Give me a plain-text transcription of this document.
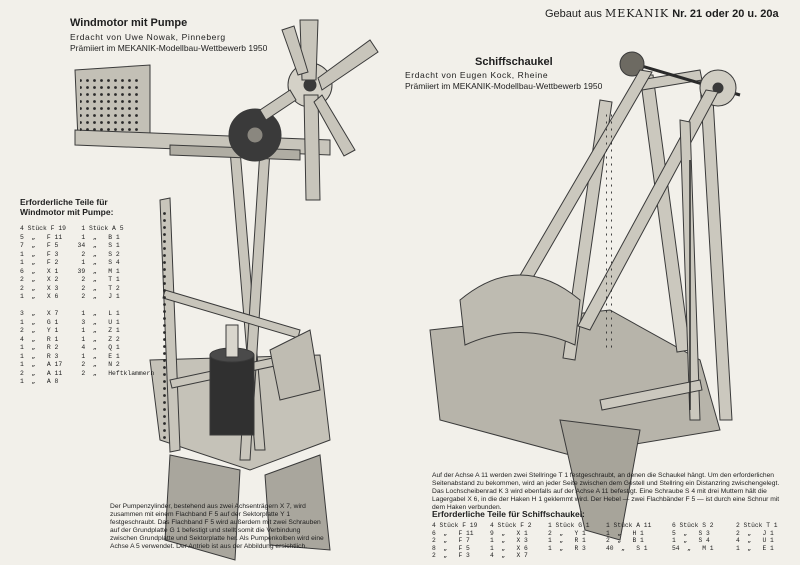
Gebaut aus MEKANIK Nr. 21 oder 20 u. 20a
Windmotor mit Pumpe
Erdacht von Uwe Nowak, Pinneberg
Prämiiert im MEKANIK-Modellbau-Wettbewerb 1950
Erforderliche Teile für
Windmotor mit Pumpe:
4 Stück F 19    1 Stück A 5
5  „   F 11     1  „   B 1
7  „   F 5     34  „   S 1
1  „   F 3      2  „   S 2
1  „   F 2      1  „   S 4
6  „   X 1     39  „   M 1
2  „   X 2      2  „   T 1
2  „   X 3      2  „   T 2
1  „   X 6      2  „   J 1

3  „   X 7      1  „   L 1
1  „   G 1      3  „   U 1
2  „   Y 1      1  „   Z 1
4  „   R 1      1  „   Z 2
1  „   R 2      4  „   Q 1
1  „   R 3      1  „   E 1
1  „   A 17     2  „   N 2
2  „   A 11     2  „   Heftklammern
1  „   A 8
Der Pumpenzylinder, bestehend aus zwei Achsenträgern X 7, wird zusammen mit einem Flachband F 5 auf der Sektorplatte Y 1 festgeschraubt. Das Flachband F 5 wird außerdem mit zwei Schrauben auf der Grundplatte G 1 befestigt und stellt somit die Verbindung zwischen Grundplatte und Sektorplatte her. Als Pumpenkolben wird eine Achse A 5 verwendet. Der Antrieb ist aus der Abbildung ersichtlich.
Schiffschaukel
Erdacht von Eugen Kock, Rheine
Prämiiert im MEKANIK-Modellbau-Wettbewerb 1950
Auf der Achse A 11 werden zwei Stellringe T 1 festgeschraubt, an denen die Schaukel hängt. Um den erforderlichen Seitenabstand zu bekommen, wird an jeder Seite zwischen dem Gestell und Stellring ein Distanzring zwischengelegt. Das Lochscheibenrad K 3 wird ebenfalls auf der Achse A 11 befestigt. Eine Schraube S 4 mit drei Muttern hält die Lagergabel X 6, in die der Haken H 1 geklemmt wird. Der Hebel — zwei Flachbänder F 5 — ist durch eine Schnur mit dem Haken verbunden.
Erforderliche Teile für Schiffschaukel:
4 Stück F 19
6  „   F 11
2  „   F 7
8  „   F 5
2  „   F 3
4 Stück F 2
9  „   X 1
1  „   X 3
1  „   X 6
4  „   X 7
1 Stück G 1
2  „   Y 1
1  „   R 1
1  „   R 3
1 Stück A 11
1  „   H 1
2  „   B 1
40  „   S 1
6 Stück S 2
5  „   S 3
1  „   S 4
54  „   M 1
2 Stück T 1
2  „   J 1
4  „   U 1
1  „   E 1
